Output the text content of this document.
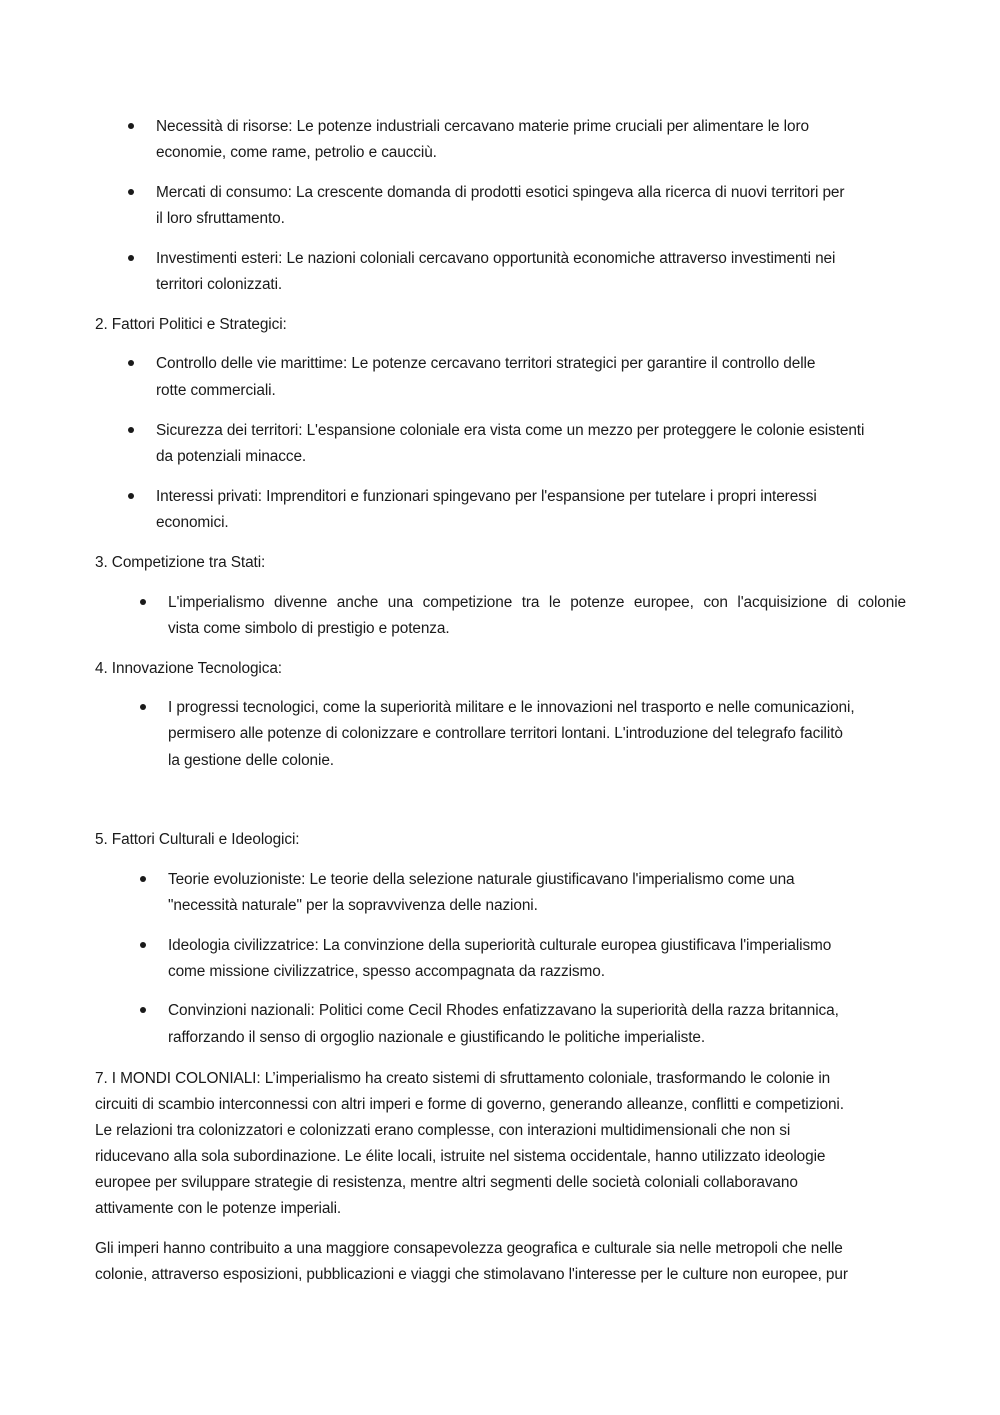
Necessità di risorse: Le potenze industriali cercavano materie prime cruciali per alimentare le loro
economie, come rame, petrolio e caucciù.
Mercati di consumo: La crescente domanda di prodotti esotici spingeva alla ricerca di nuovi territori per
il loro sfruttamento.
Investimenti esteri: Le nazioni coloniali cercavano opportunità economiche attraverso investimenti nei
territori colonizzati.
2. Fattori Politici e Strategici:
Controllo delle vie marittime: Le potenze cercavano territori strategici per garantire il controllo delle
rotte commerciali.
Sicurezza dei territori: L'espansione coloniale era vista come un mezzo per proteggere le colonie esistenti
da potenziali minacce.
Interessi privati: Imprenditori e funzionari spingevano per l'espansione per tutelare i propri interessi
economici.
3. Competizione tra Stati:
L'imperialismo divenne anche una competizione tra le potenze europee, con l'acquisizione di colonie
vista come simbolo di prestigio e potenza.
4. Innovazione Tecnologica:
I progressi tecnologici, come la superiorità militare e le innovazioni nel trasporto e nelle comunicazioni,
permisero alle potenze di colonizzare e controllare territori lontani. L'introduzione del telegrafo facilitò
la gestione delle colonie.
5. Fattori Culturali e Ideologici:
Teorie evoluzioniste: Le teorie della selezione naturale giustificavano l'imperialismo come una
"necessità naturale" per la sopravvivenza delle nazioni.
Ideologia civilizzatrice: La convinzione della superiorità culturale europea giustificava l'imperialismo
come missione civilizzatrice, spesso accompagnata da razzismo.
Convinzioni nazionali: Politici come Cecil Rhodes enfatizzavano la superiorità della razza britannica,
rafforzando il senso di orgoglio nazionale e giustificando le politiche imperialiste.
7. I MONDI COLONIALI: L’imperialismo ha creato sistemi di sfruttamento coloniale, trasformando le colonie in
circuiti di scambio interconnessi con altri imperi e forme di governo, generando alleanze, conflitti e competizioni.
Le relazioni tra colonizzatori e colonizzati erano complesse, con interazioni multidimensionali che non si
riducevano alla sola subordinazione. Le élite locali, istruite nel sistema occidentale, hanno utilizzato ideologie
europee per sviluppare strategie di resistenza, mentre altri segmenti delle società coloniali collaboravano
attivamente con le potenze imperiali.
Gli imperi hanno contribuito a una maggiore consapevolezza geografica e culturale sia nelle metropoli che nelle
colonie, attraverso esposizioni, pubblicazioni e viaggi che stimolavano l'interesse per le culture non europee, pur
